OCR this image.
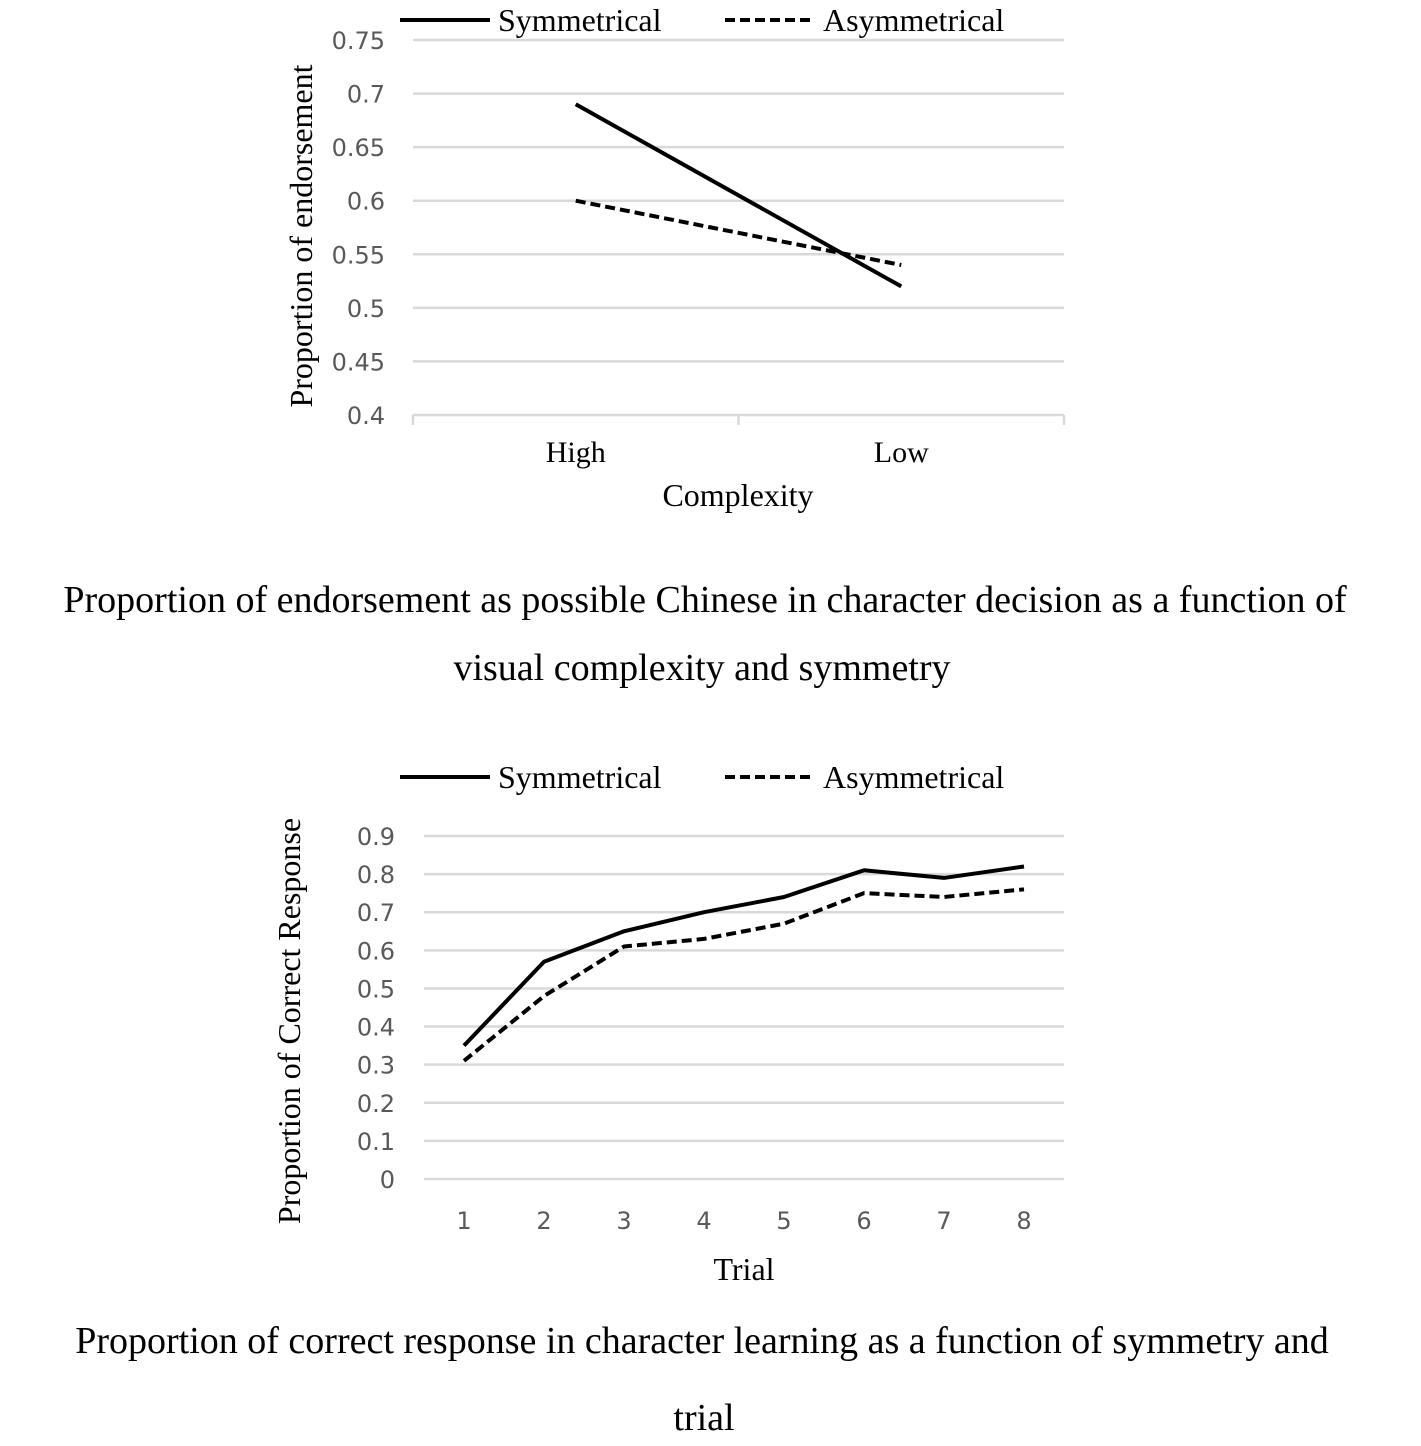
Symmetrical	Asymmetrical
0.4
0.45
0.5
0.55
0.6
0.65
0.7
0.75
High	Low
Complexity
Proportion of endorsement
Proportion of endorsement as possible Chinese in character decision as a function of
visual complexity and symmetry
Symmetrical	Asymmetrical
0
0.1
0.2
0.3
0.4
0.5
0.6
0.7
0.8
0.9
1	2	3	4	5	6	7	8
Trial
Proportion of Correct Response
Proportion of correct response in character learning as a function of symmetry and
trial
